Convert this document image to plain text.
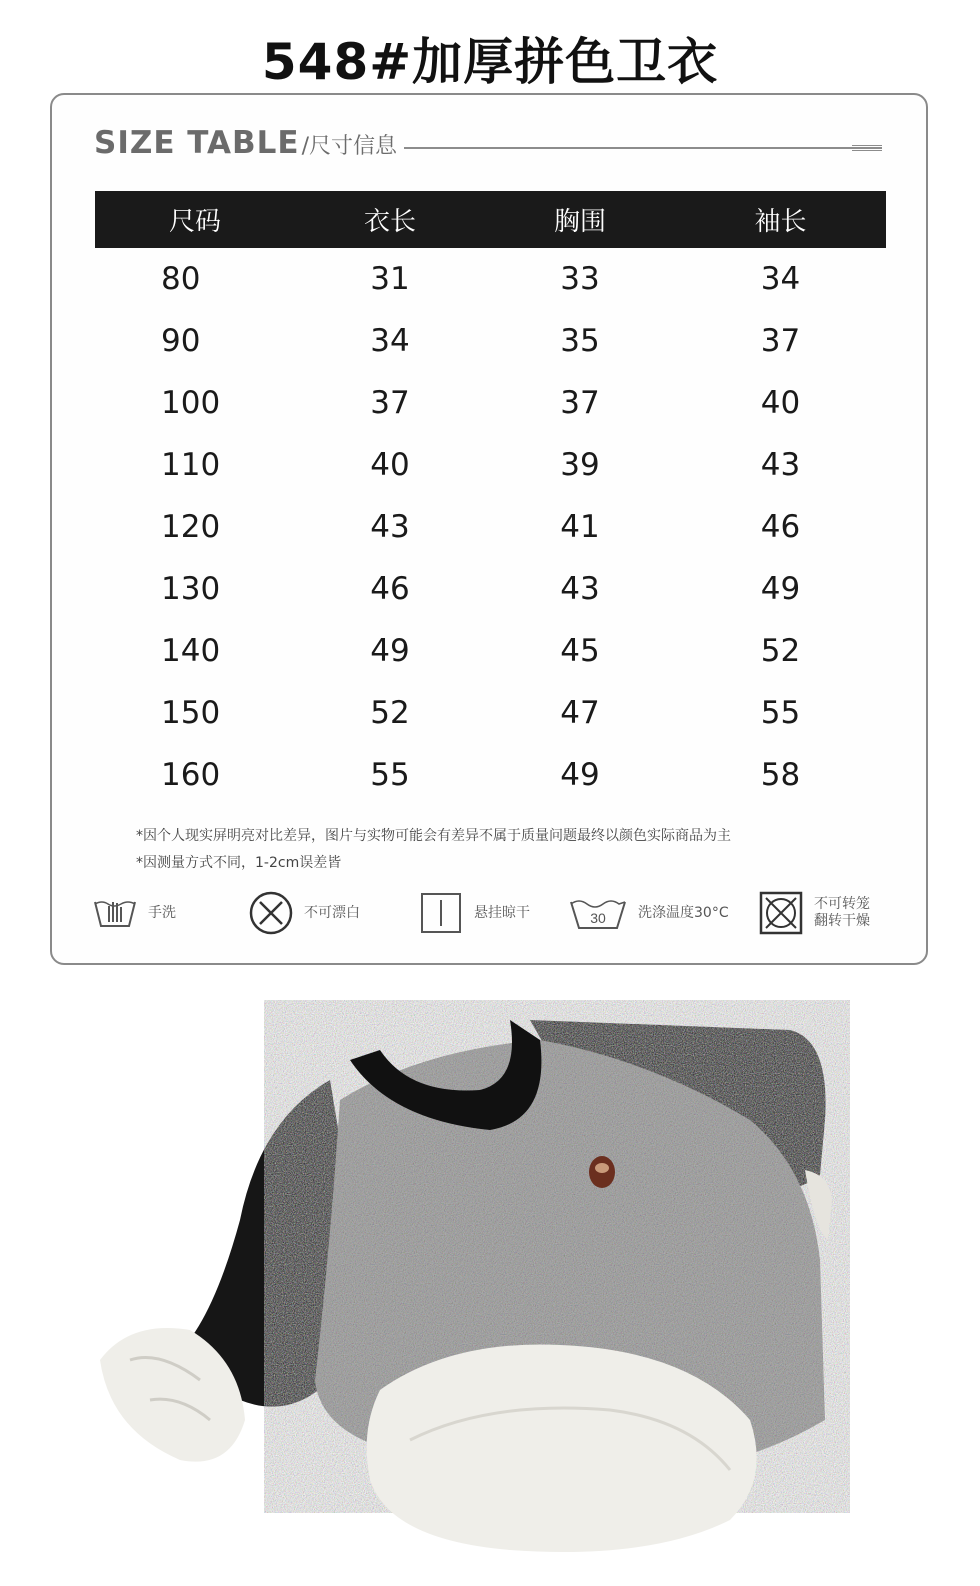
548#加厚拼色卫衣
SIZE TABLE /尺寸信息
尺码	衣长	胸围	袖长
80	31	33	34
90	34	35	37
100	37	37	40
110	40	39	43
120	43	41	46
130	46	43	49
140	49	45	52
150	52	47	55
160	55	49	58
*因个人现实屏明亮对比差异，图片与实物可能会有差异不属于质量问题最终以颜色实际商品为主
*因测量方式不同，1-2cm误差皆
手洗	不可漂白	悬挂晾干	30 洗涤温度30°C
不可转笼
翻转干燥
